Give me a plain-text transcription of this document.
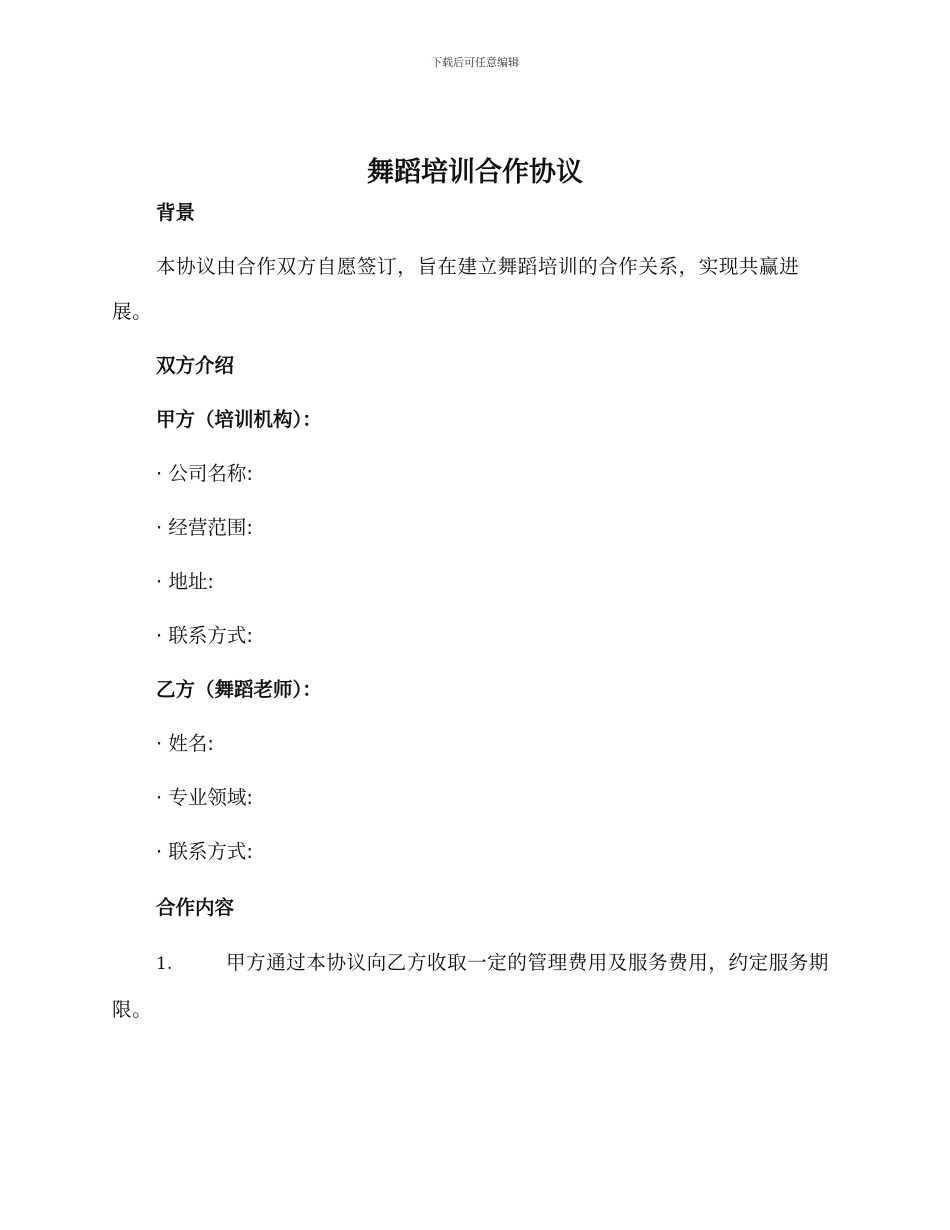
下载后可任意编辑
舞蹈培训合作协议
背景
本协议由合作双方自愿签订，旨在建立舞蹈培训的合作关系，实现共赢进展。
双方介绍
甲方（培训机构）：
· 公司名称:
· 经营范围:
· 地址:
· 联系方式:
乙方（舞蹈老师）：
· 姓名:
· 专业领域:
· 联系方式:
合作内容
1.	甲方通过本协议向乙方收取一定的管理费用及服务费用，约定服务期限。
